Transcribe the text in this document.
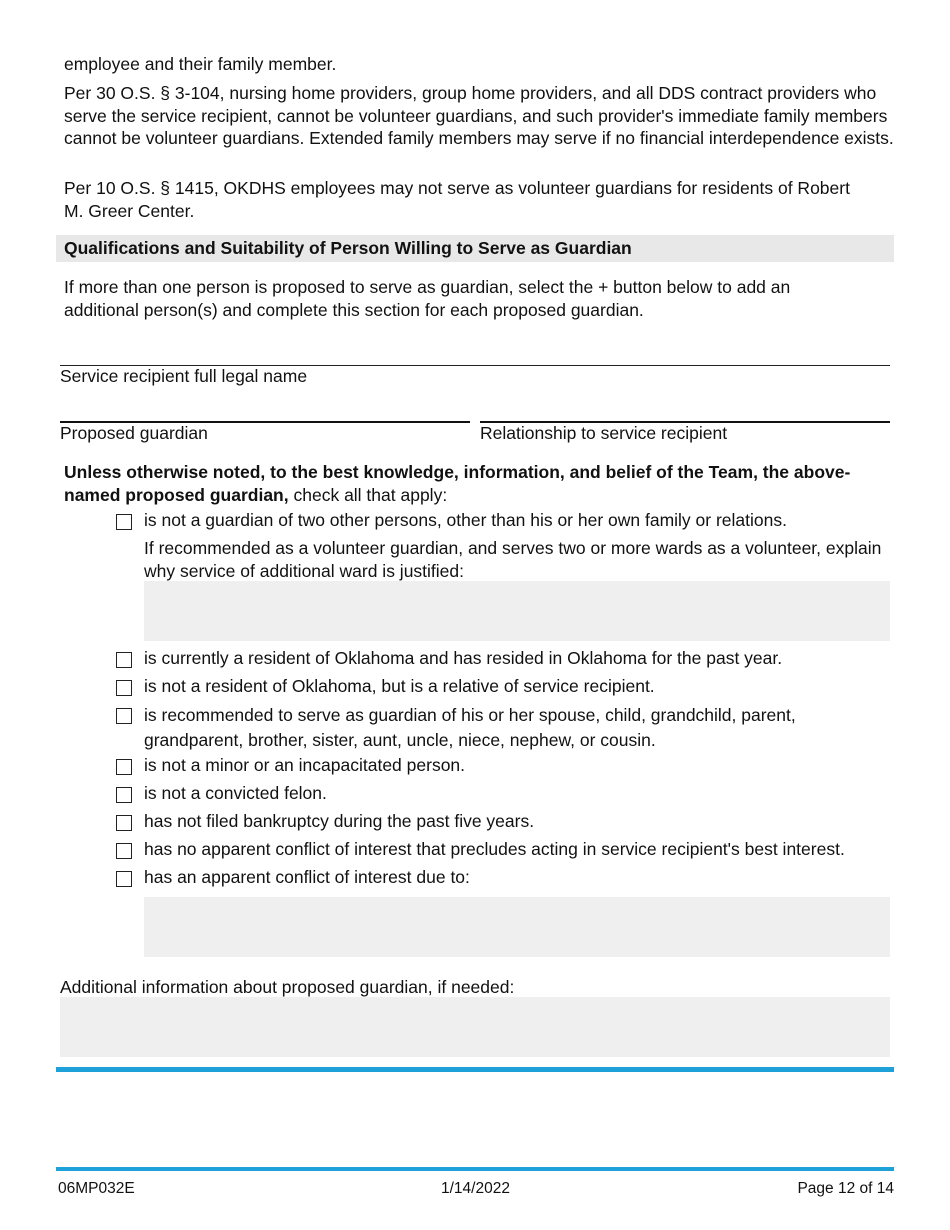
employee and their family member.
Per 30 O.S. § 3-104, nursing home providers, group home providers, and all DDS contract providers who serve the service recipient, cannot be volunteer guardians, and such provider's immediate family members cannot be volunteer guardians. Extended family members may serve if no financial interdependence exists.
Per 10 O.S. § 1415, OKDHS employees may not serve as volunteer guardians for residents of Robert M. Greer Center.
Qualifications and Suitability of Person Willing to Serve as Guardian
If more than one person is proposed to serve as guardian, select the + button below to add an additional person(s) and complete this section for each proposed guardian.
Service recipient full legal name
Proposed guardian	Relationship to service recipient
Unless otherwise noted, to the best knowledge, information, and belief of the Team, the above-named proposed guardian, check all that apply:
is not a guardian of two other persons, other than his or her own family or relations.
If recommended as a volunteer guardian, and serves two or more wards as a volunteer, explain why service of additional ward is justified:
is currently a resident of Oklahoma and has resided in Oklahoma for the past year.
is not a resident of Oklahoma, but is a relative of service recipient.
is recommended to serve as guardian of his or her spouse, child, grandchild, parent, grandparent, brother, sister, aunt, uncle, niece, nephew, or cousin.
is not a minor or an incapacitated person.
is not a convicted felon.
has not filed bankruptcy during the past five years.
has no apparent conflict of interest that precludes acting in service recipient's best interest.
has an apparent conflict of interest due to:
Additional information about proposed guardian, if needed:
06MP032E	1/14/2022	Page 12 of 14
